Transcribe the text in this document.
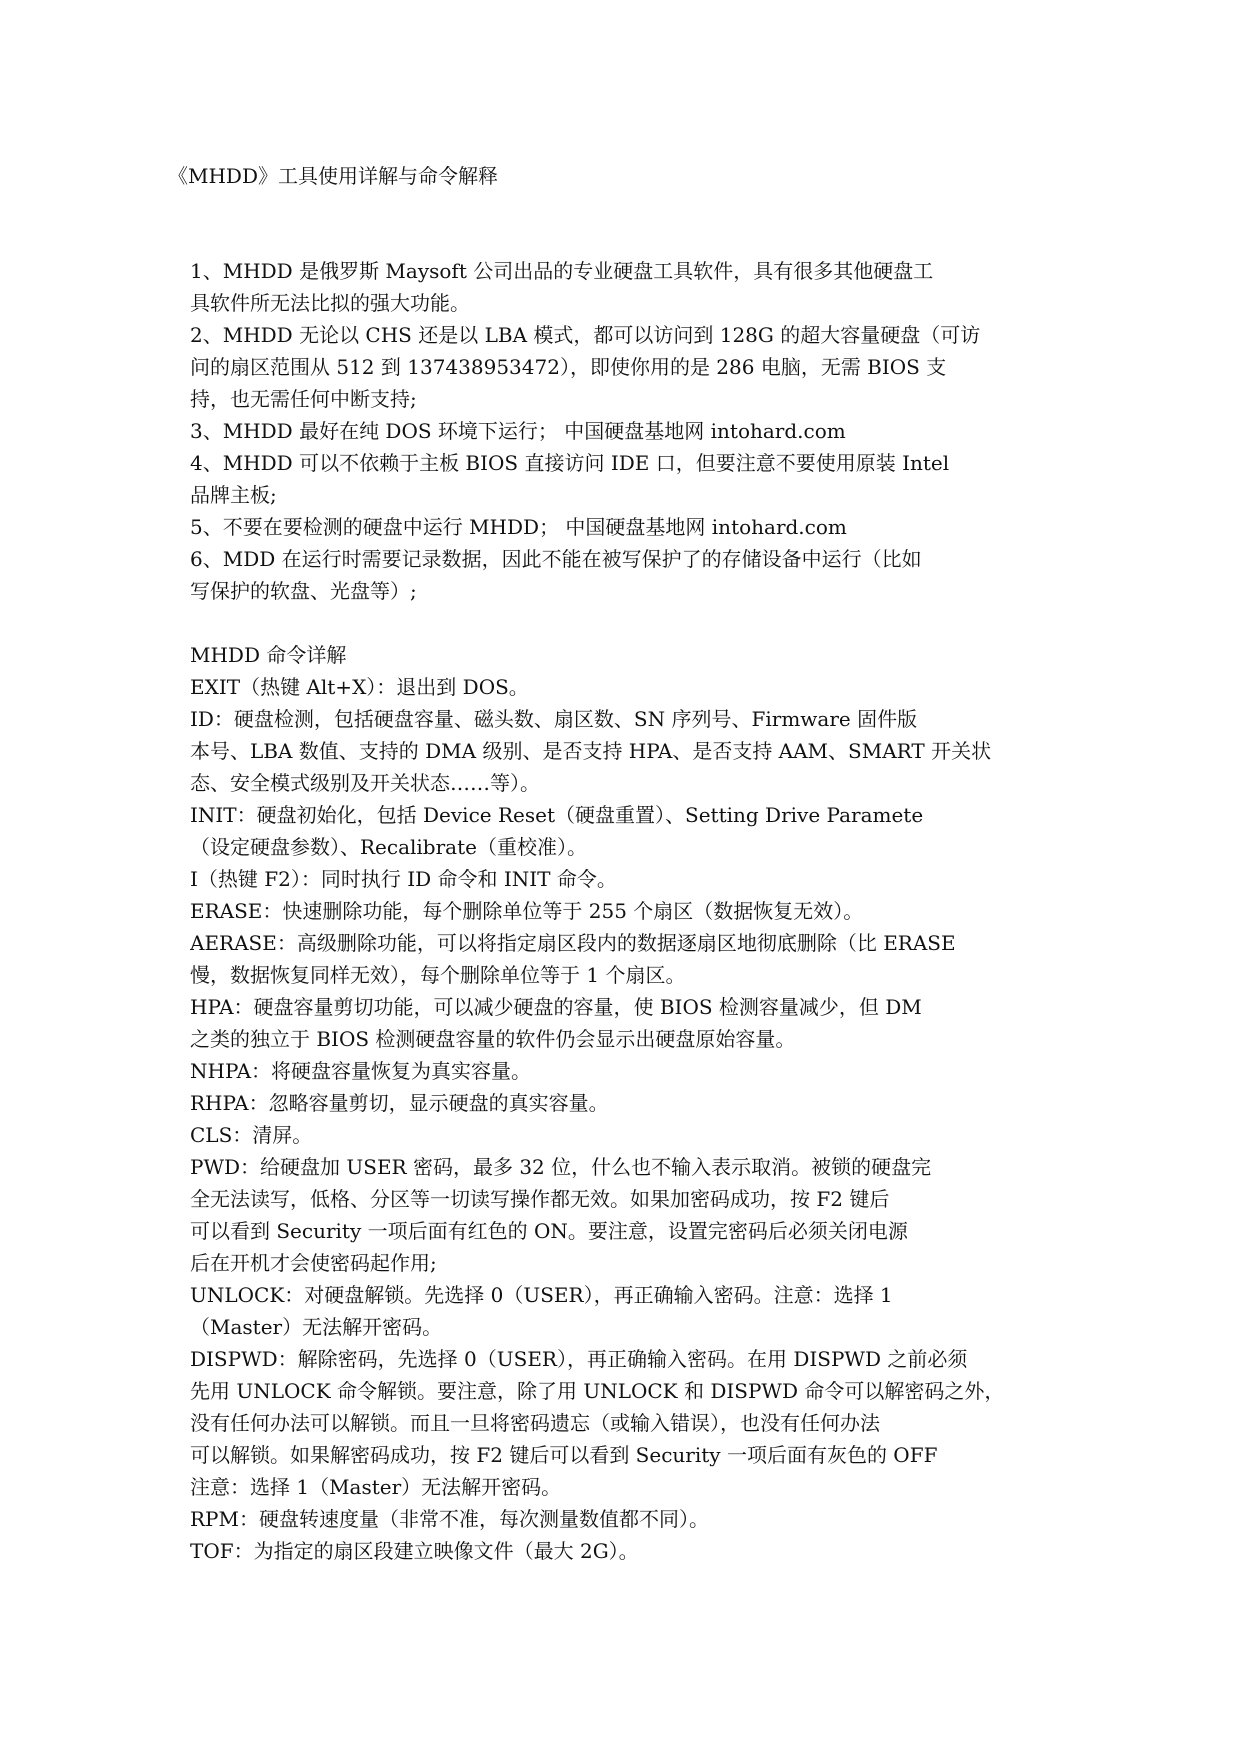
《MHDD》工具使用详解与命令解释
1、MHDD 是俄罗斯 Maysoft 公司出品的专业硬盘工具软件，具有很多其他硬盘工
具软件所无法比拟的强大功能。
2、MHDD 无论以 CHS 还是以 LBA 模式，都可以访问到 128G 的超大容量硬盘（可访
问的扇区范围从 512 到 137438953472），即使你用的是 286 电脑，无需 BIOS 支
持，也无需任何中断支持;
3、MHDD 最好在纯 DOS 环境下运行； 中国硬盘基地网 intohard.com
4、MHDD 可以不依赖于主板 BIOS 直接访问 IDE 口，但要注意不要使用原装 Intel
品牌主板;
5、不要在要检测的硬盘中运行 MHDD； 中国硬盘基地网 intohard.com
6、MDD 在运行时需要记录数据，因此不能在被写保护了的存储设备中运行（比如
写保护的软盘、光盘等）;
MHDD 命令详解
EXIT（热键 Alt+X）：退出到 DOS。
ID：硬盘检测，包括硬盘容量、磁头数、扇区数、SN 序列号、Firmware 固件版
本号、LBA 数值、支持的 DMA 级别、是否支持 HPA、是否支持 AAM、SMART 开关状
态、安全模式级别及开关状态……等）。
INIT：硬盘初始化，包括 Device Reset（硬盘重置）、Setting Drive Paramete
（设定硬盘参数）、Recalibrate（重校准）。
I（热键 F2）：同时执行 ID 命令和 INIT 命令。
ERASE：快速删除功能，每个删除单位等于 255 个扇区（数据恢复无效）。
AERASE：高级删除功能，可以将指定扇区段内的数据逐扇区地彻底删除（比 ERASE
慢，数据恢复同样无效），每个删除单位等于 1 个扇区。
HPA：硬盘容量剪切功能，可以减少硬盘的容量，使 BIOS 检测容量减少，但 DM
之类的独立于 BIOS 检测硬盘容量的软件仍会显示出硬盘原始容量。
NHPA：将硬盘容量恢复为真实容量。
RHPA：忽略容量剪切，显示硬盘的真实容量。
CLS：清屏。
PWD：给硬盘加 USER 密码，最多 32 位，什么也不输入表示取消。被锁的硬盘完
全无法读写，低格、分区等一切读写操作都无效。如果加密码成功，按 F2 键后
可以看到 Security 一项后面有红色的 ON。要注意，设置完密码后必须关闭电源
后在开机才会使密码起作用;
UNLOCK：对硬盘解锁。先选择 0（USER），再正确输入密码。注意：选择 1
（Master）无法解开密码。
DISPWD：解除密码，先选择 0（USER），再正确输入密码。在用 DISPWD 之前必须
先用 UNLOCK 命令解锁。要注意，除了用 UNLOCK 和 DISPWD 命令可以解密码之外，
没有任何办法可以解锁。而且一旦将密码遗忘（或输入错误），也没有任何办法
可以解锁。如果解密码成功，按 F2 键后可以看到 Security 一项后面有灰色的 OFF
注意：选择 1（Master）无法解开密码。
RPM：硬盘转速度量（非常不准，每次测量数值都不同）。
TOF：为指定的扇区段建立映像文件（最大 2G）。
